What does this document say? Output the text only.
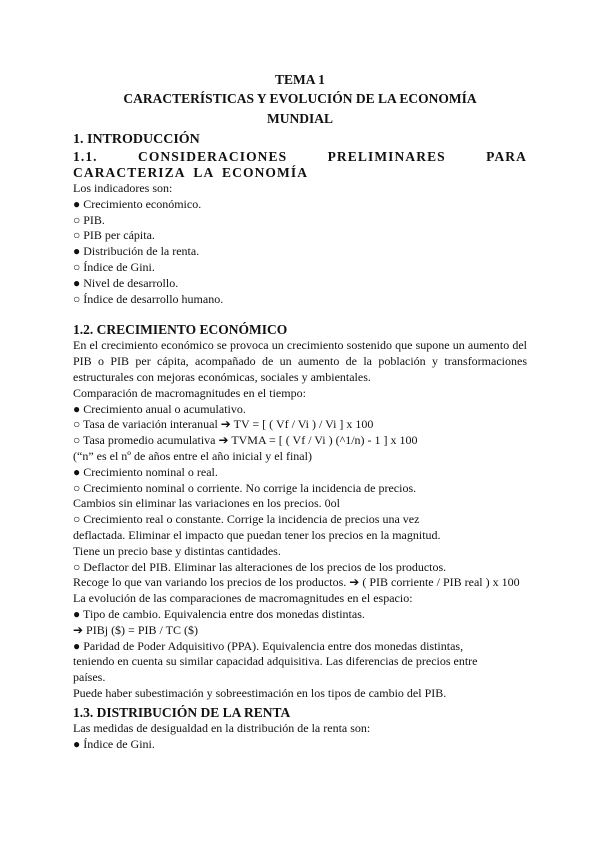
TEMA 1
CARACTERÍSTICAS Y EVOLUCIÓN DE LA ECONOMÍA
MUNDIAL
1. INTRODUCCIÓN
1.1. CONSIDERACIONES PRELIMINARES PARA CARACTERIZA LA ECONOMÍA

Los indicadores son:

● Crecimiento económico.
○ PIB.
○ PIB per cápita.
● Distribución de la renta.
○ Índice de Gini.
● Nivel de desarrollo.
○ Índice de desarrollo humano.
1.2. CRECIMIENTO ECONÓMICO

En el crecimiento económico se provoca un crecimiento sostenido que supone un aumento del PIB o PIB per cápita, acompañado de un aumento de la población y transformaciones estructurales con mejoras económicas, sociales y ambientales.

Comparación de macromagnitudes en el tiempo:

● Crecimiento anual o acumulativo.

○ Tasa de variación interanual ➔ TV = [ ( Vf / Vi ) / Vi ] x 100

○ Tasa promedio acumulativa ➔ TVMA = [ ( Vf / Vi ) (^1/n) - 1 ] x 100

(“n” es el nº de años entre el año inicial y el final)

● Crecimiento nominal o real.

○ Crecimiento nominal o corriente. No corrige la incidencia de precios.

Cambios sin eliminar las variaciones en los precios. 0ol

○ Crecimiento real o constante. Corrige la incidencia de precios una vez

deflactada. Eliminar el impacto que puedan tener los precios en la magnitud.

Tiene un precio base y distintas cantidades.

○ Deflactor del PIB. Eliminar las alteraciones de los precios de los productos.

Recoge lo que van variando los precios de los productos. ➔ ( PIB corriente / PIB real ) x 100

La evolución de las comparaciones de macromagnitudes en el espacio:

● Tipo de cambio. Equivalencia entre dos monedas distintas.

➔ PIBj ($) = PIB / TC ($)

● Paridad de Poder Adquisitivo (PPA). Equivalencia entre dos monedas distintas,

teniendo en cuenta su similar capacidad adquisitiva. Las diferencias de precios entre

países.

Puede haber subestimación y sobreestimación en los tipos de cambio del PIB.

1.3. DISTRIBUCIÓN DE LA RENTA

Las medidas de desigualdad en la distribución de la renta son:

● Índice de Gini.
